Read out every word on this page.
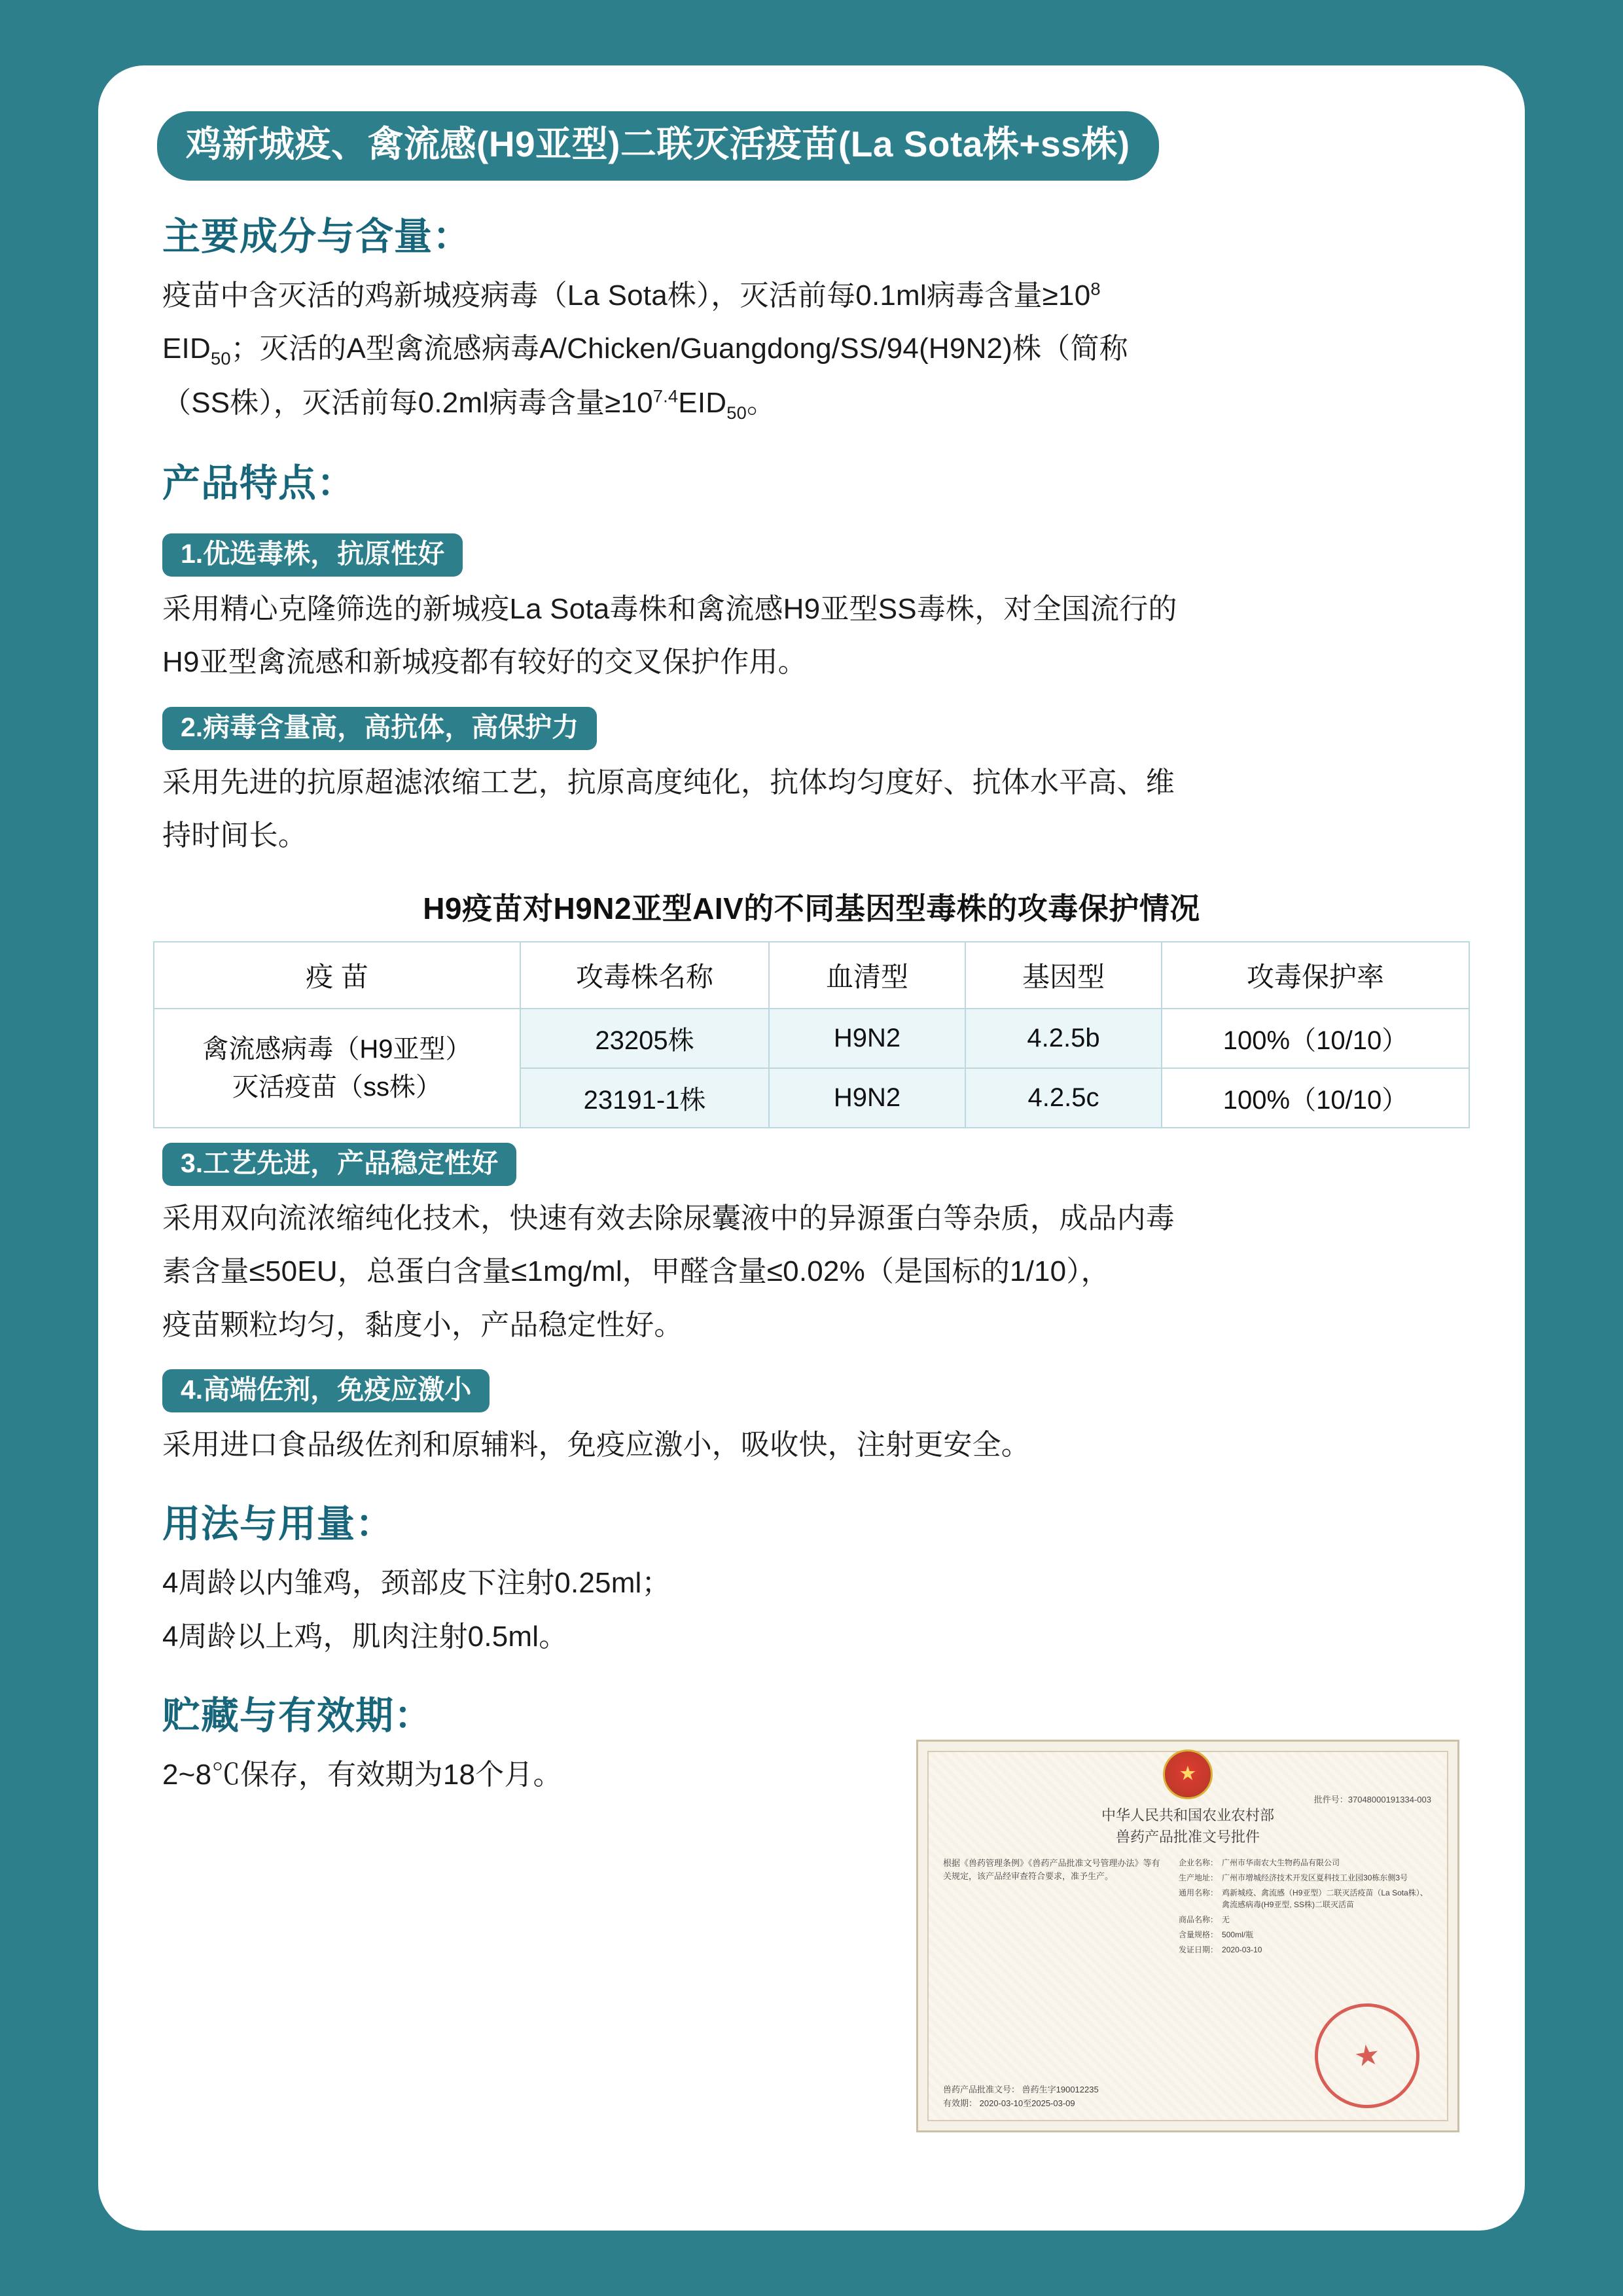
鸡新城疫、禽流感(H9亚型)二联灭活疫苗(La Sota株+ss株)
主要成分与含量：

疫苗中含灭活的鸡新城疫病毒（La Sota株），灭活前每0.1ml病毒含量$\ge 10^8$

$EID_{50}$；灭活的A型禽流感病毒A/Chicken/Guangdong/SS/94(H9N2)株（简称

（SS株），灭活前每0.2ml病毒含量$\ge 10^{7.4}EID_{50}$。

产品特点：
1.优选毒株，抗原性好

采用精心克隆筛选的新城疫La Sota毒株和禽流感H9亚型SS毒株，对全国流行的

H9亚型禽流感和新城疫都有较好的交叉保护作用。

2.病毒含量高，高抗体，高保护力

采用先进的抗原超滤浓缩工艺，抗原高度纯化，抗体均匀度好、抗体水平高、维

持时间长。

H9疫苗对H9N2亚型AIV的不同基因型毒株的攻毒保护情况
疫 苗	攻毒株名称	血清型	基因型	攻毒保护率

禽流感病毒（H9亚型）
灭活疫苗（ss株）	23205株	H9N2	4.2.5b	100%（10/10）
	23191-1株	H9N2	4.2.5c	100%（10/10）
3.工艺先进，产品稳定性好

采用双向流浓缩纯化技术，快速有效去除尿囊液中的异源蛋白等杂质，成品内毒

素含量≤50EU，总蛋白含量≤1mg/ml，甲醛含量≤0.02%（是国标的1/10），

疫苗颗粒均匀，黏度小，产品稳定性好。

4.高端佐剂，免疫应激小

采用进口食品级佐剂和原辅料，免疫应激小，吸收快，注射更安全。

用法与用量：

4周龄以内雏鸡，颈部皮下注射0.25ml；

4周龄以上鸡，肌肉注射0.5ml。

贮藏与有效期：

2~8℃保存，有效期为18个月。

★
中华人民共和国农业农村部
兽药产品批准文号批件
批件号：37048000191334-003
根据《兽药管理条例》《兽药产品批准文号管理办法》等有关规定，该产品经审查符合要求，准予生产。
企业名称： 广州市华南农大生物药品有限公司
生产地址： 广州市增城经济技术开发区夏科技工业园30栋东侧3号
通用名称： 鸡新城疫、禽流感（H9亚型）二联灭活疫苗（La Sota株）、禽流感病毒(H9亚型, SS株)二联灭活苗
商品名称： 无
含量规格： 500ml/瓶
发证日期： 2020-03-10
兽药产品批准文号： 兽药生字190012235
有效期： 2020-03-10至2025-03-09
★
